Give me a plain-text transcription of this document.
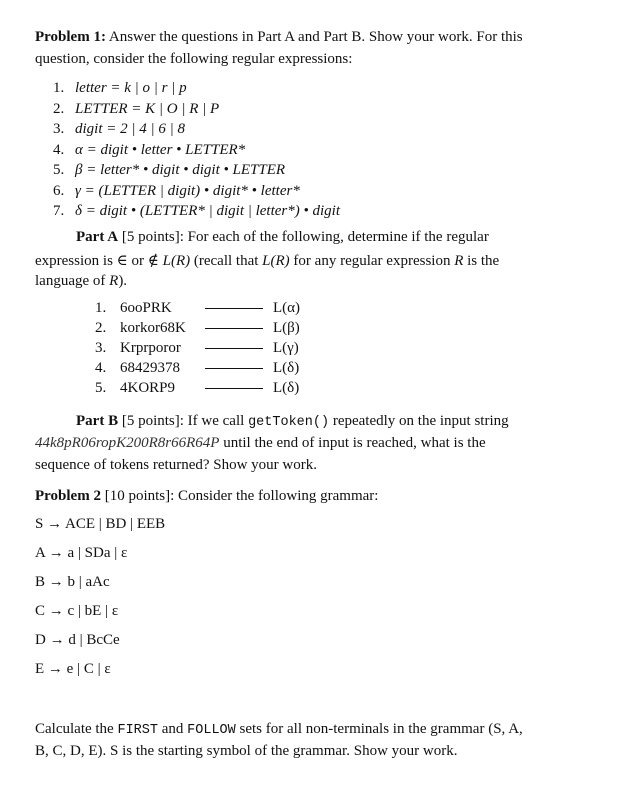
Problem 1: Answer the questions in Part A and Part B. Show your work. For this
question, consider the following regular expressions:
1. letter = k | o | r | p
2. LETTER = K | O | R | P
3. digit = 2 | 4 | 6 | 8
4. α = digit • letter • LETTER*
5. β = letter* • digit • digit • LETTER
6. γ = (LETTER | digit) • digit* • letter*
7. δ = digit • (LETTER* | digit | letter*) • digit
Part A [5 points]: For each of the following, determine if the regular
expression is ∈ or ∉ L(R) (recall that L(R) for any regular expression R is the
language of R).
1. 6ooPRK	L(α)
2. korkor68K	L(β)
3. Krprporor	L(γ)
4. 68429378	L(δ)
5. 4KORP9	L(δ)
Part B [5 points]: If we call getToken() repeatedly on the input string
44k8pR06ropK200R8r66R64P until the end of input is reached, what is the
sequence of tokens returned? Show your work.
Problem 2 [10 points]: Consider the following grammar:
S → ACE | BD | EEB
A → a | SDa | ε
B → b | aAc
C → c | bE | ε
D → d | BcCe
E → e | C | ε
Calculate the FIRST and FOLLOW sets for all non-terminals in the grammar (S, A,
B, C, D, E). S is the starting symbol of the grammar. Show your work.
